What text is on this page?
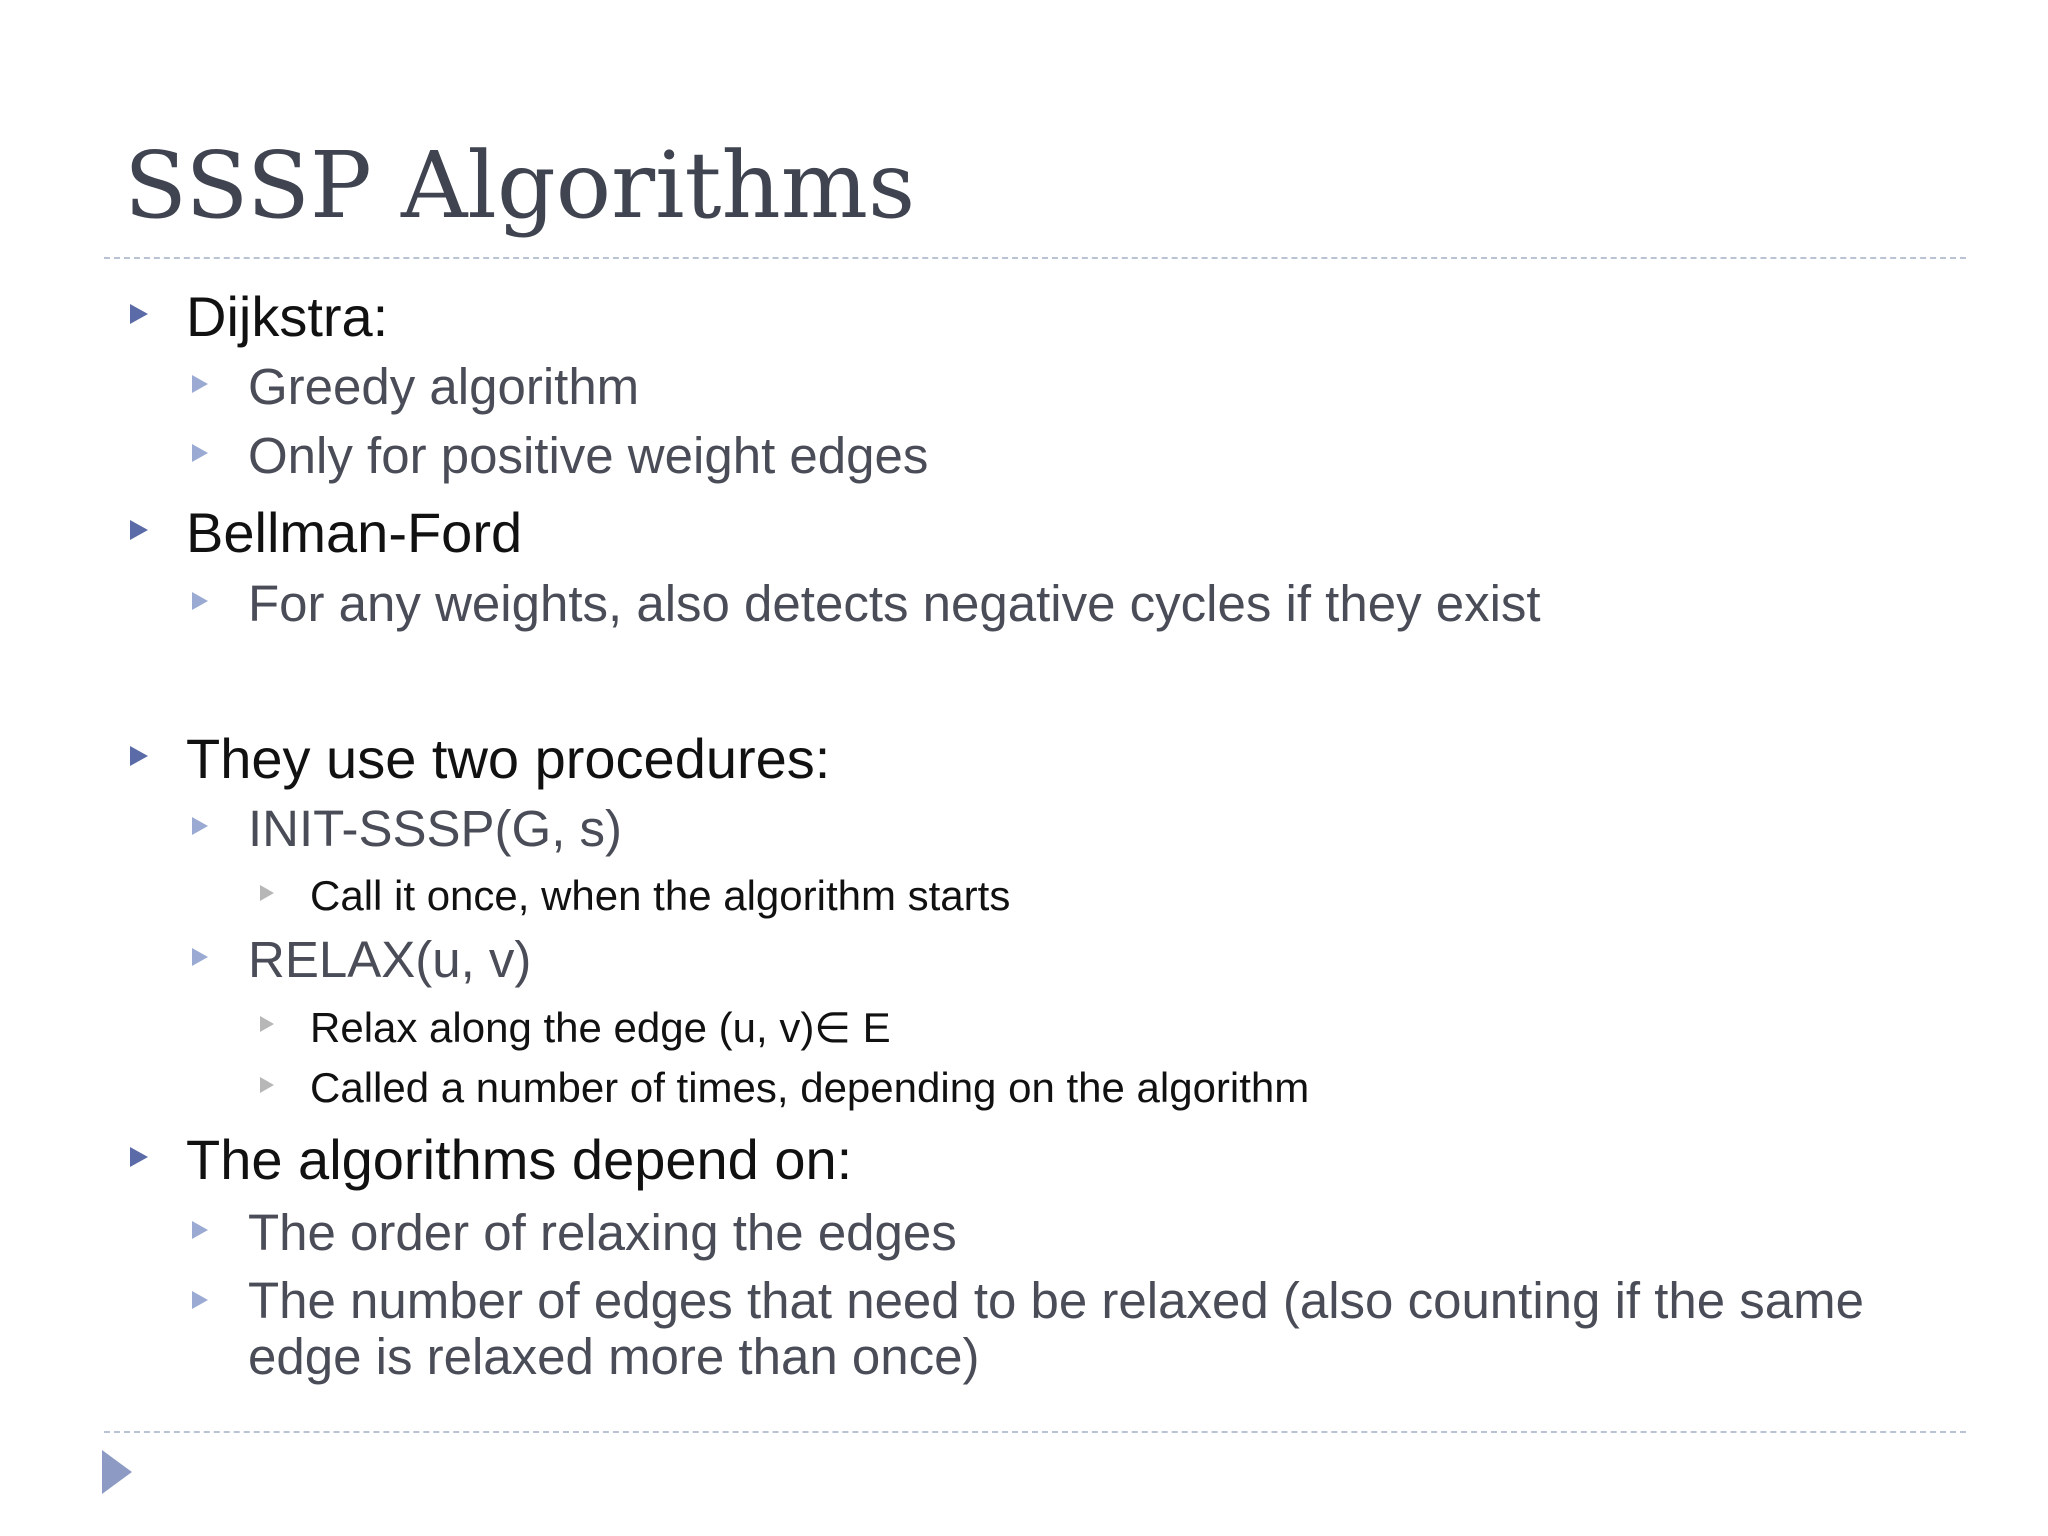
SSSP Algorithms
Dijkstra:
Greedy algorithm
Only for positive weight edges
Bellman-Ford
For any weights, also detects negative cycles if they exist
They use two procedures:
INIT-SSSP(G, s)
Call it once, when the algorithm starts
RELAX(u, v)
Relax along the edge (u, v)∈ E
Called a number of times, depending on the algorithm
The algorithms depend on:
The order of relaxing the edges
The number of edges that need to be relaxed (also counting if the same
edge is relaxed more than once)
